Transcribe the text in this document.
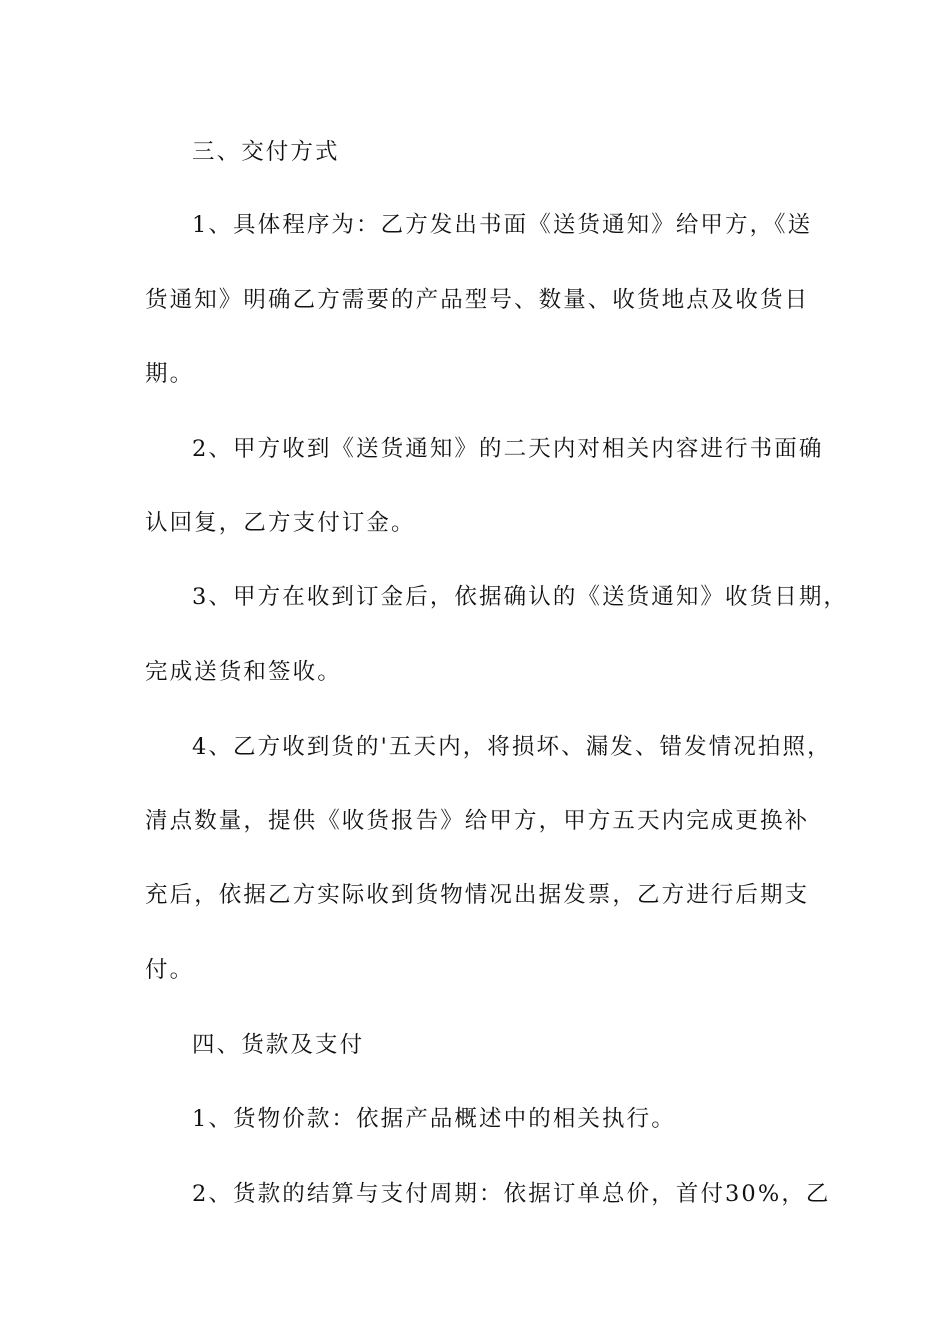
三、交付方式
1、具体程序为：乙方发出书面《送货通知》给甲方，《送
货通知》明确乙方需要的产品型号、数量、收货地点及收货日
期。
2、甲方收到《送货通知》的二天内对相关内容进行书面确
认回复，乙方支付订金。
3、甲方在收到订金后，依据确认的《送货通知》收货日期，
完成送货和签收。
4、乙方收到货的'五天内，将损坏、漏发、错发情况拍照，
清点数量，提供《收货报告》给甲方，甲方五天内完成更换补
充后，依据乙方实际收到货物情况出据发票，乙方进行后期支
付。
四、货款及支付
1、货物价款：依据产品概述中的相关执行。
2、货款的结算与支付周期：依据订单总价，首付30%，乙
